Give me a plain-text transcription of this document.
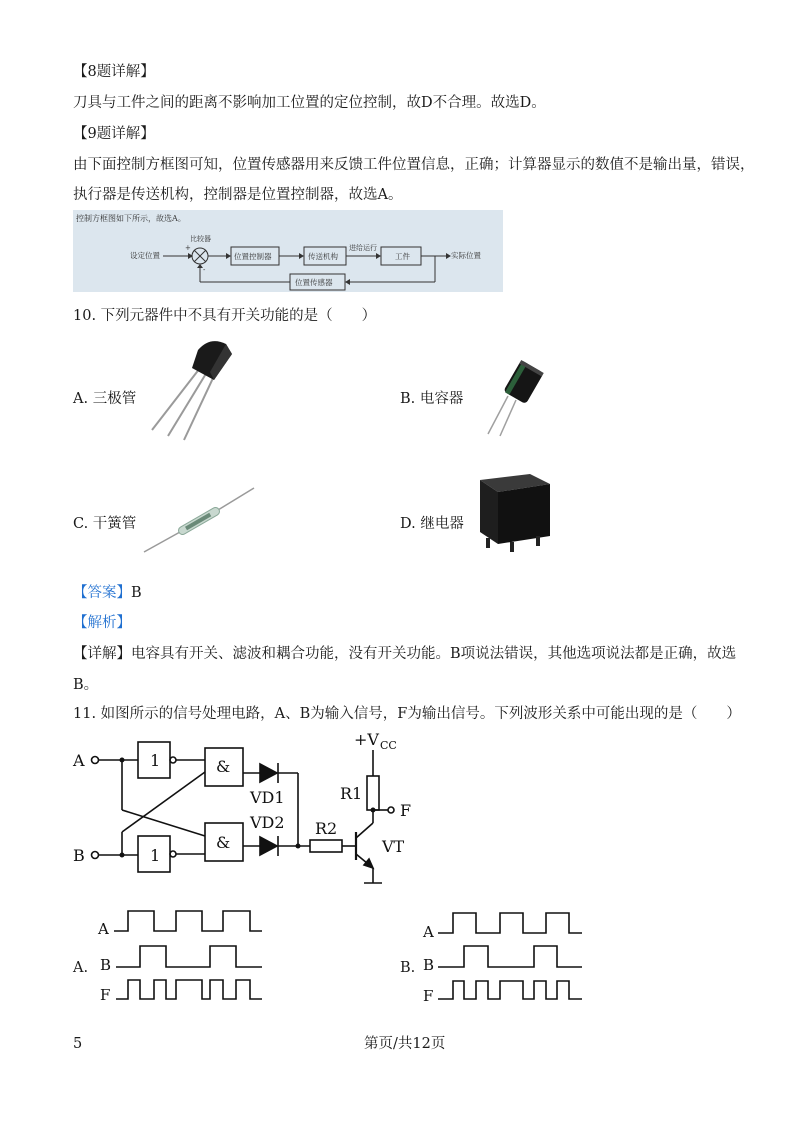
【8题详解】
刀具与工件之间的距离不影响加工位置的定位控制，故D不合理。故选D。
【9题详解】
由下面控制方框图可知，位置传感器用来反馈工件位置信息，正确；计算器显示的数值不是输出量，错误，
执行器是传送机构，控制器是位置控制器，故选A。
控制方框图如下所示，故选A。
设定位置
比较器
+
-
位置控制器	传送机构
进给运行
工件	实际位置
位置传感器
10. 下列元器件中不具有开关功能的是（　　）
A. 三极管	B. 电容器
C. 干簧管	D. 继电器
【答案】B
【解析】
【详解】电容具有开关、滤波和耦合功能，没有开关功能。B项说法错误，其他选项说法都是正确，故选
B。
11. 如图所示的信号处理电路，A、B为输入信号，F为输出信号。下列波形关系中可能出现的是（　　）
A
B
1
1
&
&
VD1
VD2
R1
R2
VT
F
+V CC
A.
A
B
F
B.
A
B
F
5	第页/共12页
